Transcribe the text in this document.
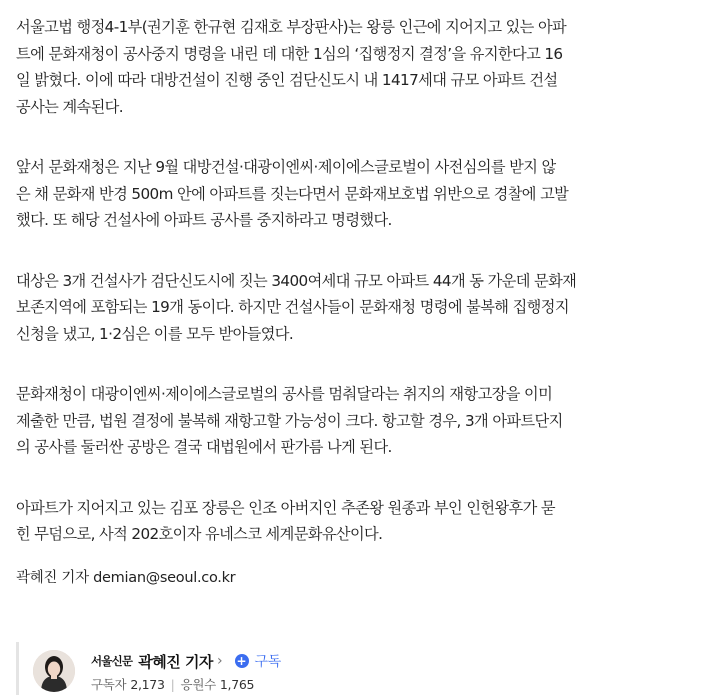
서울고법 행정4-1부(권기훈 한규현 김재호 부장판사)는 왕릉 인근에 지어지고 있는 아파
트에 문화재청이 공사중지 명령을 내린 데 대한 1심의 ‘집행정지 결정’을 유지한다고 16
일 밝혔다. 이에 따라 대방건설이 진행 중인 검단신도시 내 1417세대 규모 아파트 건설
공사는 계속된다.

앞서 문화재청은 지난 9월 대방건설·대광이엔씨·제이에스글로벌이 사전심의를 받지 않
은 채 문화재 반경 500m 안에 아파트를 짓는다면서 문화재보호법 위반으로 경찰에 고발
했다. 또 해당 건설사에 아파트 공사를 중지하라고 명령했다.

대상은 3개 건설사가 검단신도시에 짓는 3400여세대 규모 아파트 44개 동 가운데 문화재
보존지역에 포함되는 19개 동이다. 하지만 건설사들이 문화재청 명령에 불복해 집행정지
신청을 냈고, 1·2심은 이를 모두 받아들였다.

문화재청이 대광이엔씨·제이에스글로벌의 공사를 멈춰달라는 취지의 재항고장을 이미
제출한 만큼, 법원 결정에 불복해 재항고할 가능성이 크다. 항고할 경우, 3개 아파트단지
의 공사를 둘러싼 공방은 결국 대법원에서 판가름 나게 된다.

아파트가 지어지고 있는 김포 장릉은 인조 아버지인 추존왕 원종과 부인 인헌왕후가 묻
힌 무덤으로, 사적 202호이자 유네스코 세계문화유산이다.

곽혜진 기자 demian@seoul.co.kr
서울신문 곽혜진 기자 › + 구독
구독자 2,173 | 응원수 1,765
